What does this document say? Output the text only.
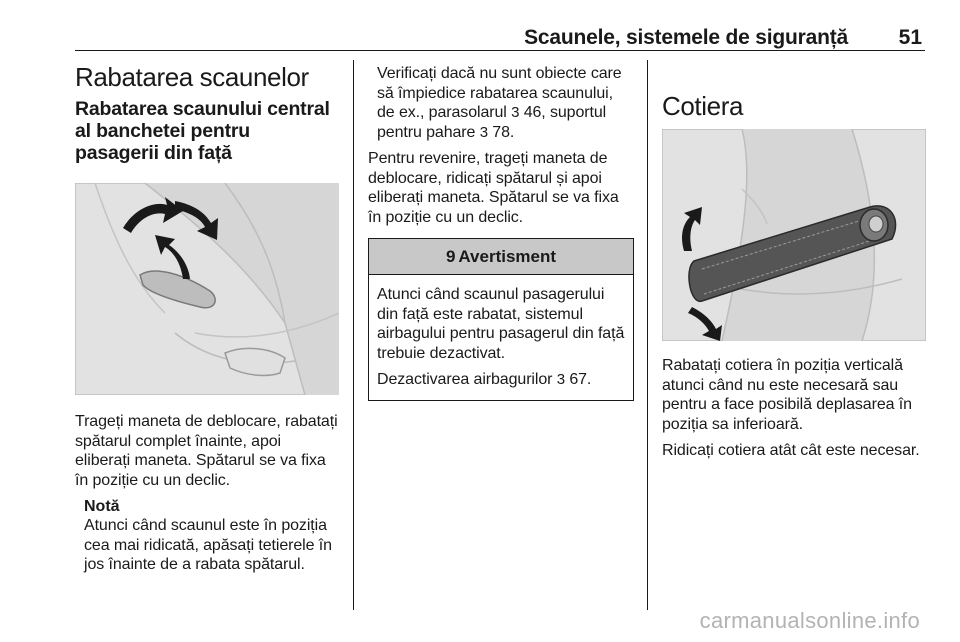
Scaunele, sistemele de siguranță 51
Rabatarea scaunelor
Rabatarea scaunului central al banchetei pentru pasagerii din față

Trageți maneta de deblocare, rabatați spătarul complet înainte, apoi eliberați maneta. Spătarul se va fixa în poziție cu un declic.

Notă

Atunci când scaunul este în poziția cea mai ridicată, apăsați tetierele în jos înainte de a rabata spătarul.

Verificați dacă nu sunt obiecte care să împiedice rabatarea scaunului, de ex., parasolarul 3 46, suportul pentru pahare 3 78.

Pentru revenire, trageți maneta de deblocare, ridicați spătarul și apoi eliberați maneta. Spătarul se va fixa în poziție cu un declic.

9 Avertisment

Atunci când scaunul pasagerului din față este rabatat, sistemul airbagului pentru pasagerul din față trebuie dezactivat.

Dezactivarea airbagurilor 3 67.

Cotiera

Rabatați cotiera în poziția verticală atunci când nu este necesară sau pentru a face posibilă deplasarea în poziția sa inferioară.

Ridicați cotiera atât cât este necesar.

carmanualsonline.info
